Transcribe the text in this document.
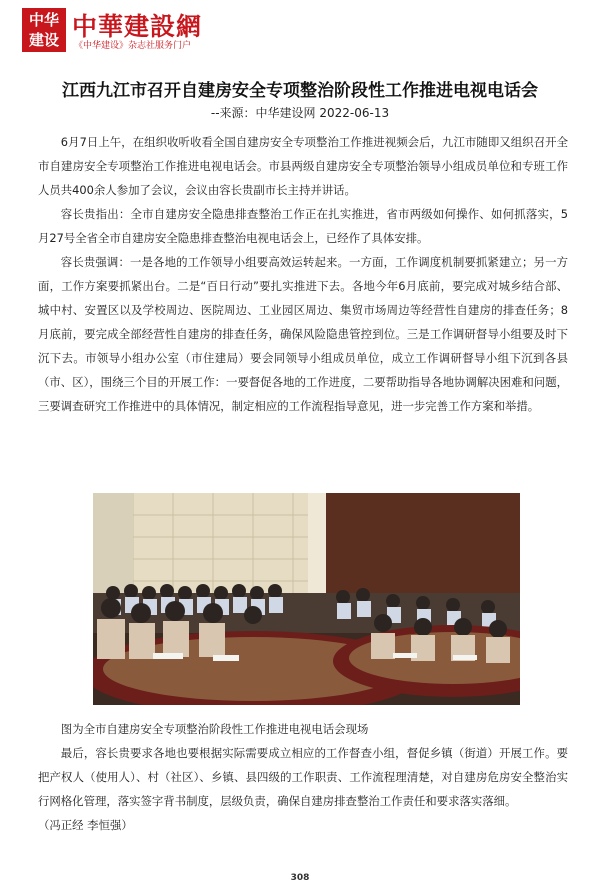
中华
建设 中華建設網
《中华建设》杂志社服务门户
江西九江市召开自建房安全专项整治阶段性工作推进电视电话会
--来源：中华建设网 2022-06-13

6月7日上午，在组织收听收看全国自建房安全专项整治工作推进视频会后，九江市随即又组织召开全市自建房安全专项整治工作推进电视电话会。市县两级自建房安全专项整治领导小组成员单位和专班工作人员共400余人参加了会议，会议由容长贵副市长主持并讲话。

容长贵指出：全市自建房安全隐患排查整治工作正在扎实推进，省市两级如何操作、如何抓落实，5月27号全省全市自建房安全隐患排查整治电视电话会上，已经作了具体安排。

容长贵强调：一是各地的工作领导小组要高效运转起来。一方面，工作调度机制要抓紧建立；另一方面，工作方案要抓紧出台。二是“百日行动”要扎实推进下去。各地今年6月底前，要完成对城乡结合部、城中村、安置区以及学校周边、医院周边、工业园区周边、集贸市场周边等经营性自建房的排查任务；8月底前，要完成全部经营性自建房的排查任务，确保风险隐患管控到位。三是工作调研督导小组要及时下沉下去。市领导小组办公室（市住建局）要会同领导小组成员单位，成立工作调研督导小组下沉到各县（市、区），围绕三个目的开展工作：一要督促各地的工作进度，二要帮助指导各地协调解决困难和问题，三要调查研究工作推进中的具体情况，制定相应的工作流程指导意见，进一步完善工作方案和举措。

图为全市自建房安全专项整治阶段性工作推进电视电话会现场

最后，容长贵要求各地也要根据实际需要成立相应的工作督查小组，督促乡镇（街道）开展工作。要把产权人（使用人）、村（社区）、乡镇、县四级的工作职责、工作流程理清楚，对自建房危房安全整治实行网格化管理，落实签字背书制度，层级负责，确保自建房排查整治工作责任和要求落实落细。

（冯正经 李恒强）

308
